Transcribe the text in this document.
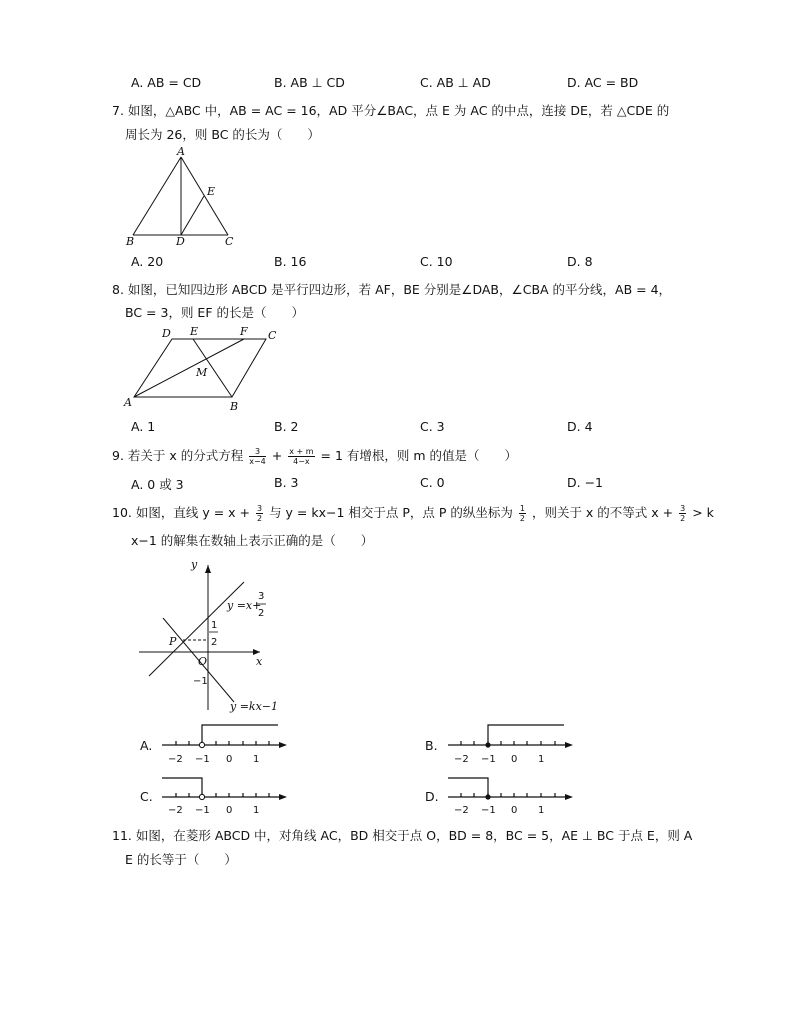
A. AB = CD	B. AB ⊥ CD	C. AB ⊥ AD	D. AC = BD
7. 如图，△ABC 中，AB = AC = 16，AD 平分∠BAC，点 E 为 AC 的中点，连接 DE，若 △CDE 的
周长为 26，则 BC 的长为（　　）
A
B	D	C
E
A. 20	B. 16	C. 10	D. 8
8. 如图，已知四边形 ABCD 是平行四边形，若 AF，BE 分别是∠DAB，∠CBA 的平分线，AB = 4，
BC = 3，则 EF 的长是（　　）
D E	F C
M
A	B
A. 1	B. 2	C. 3	D. 4
9. 若关于 x 的分式方程 $\frac{3}{x-4} + \frac{x + m}{4-x} = 1$ 有增根，则 m 的值是（　　）
A. 0 或 3	B. 3	C. 0	D. −1
10. 如图，直线 $y = x + \frac{3}{2}$ 与 y = kx−1 相交于点 P，点 P 的纵坐标为 $\frac{1}{2}$ ，则关于 x 的不等式 $x + \frac{3}{2} > k$
x−1 的解集在数轴上表示正确的是（　　）
y
x
O
P
y =x+
3
2
1
2
−1
y =kx−1
A.	B.
C.	D.
−2 −1 0 1	−2 −1 0 1
−2 −1 0 1	−2 −1 0 1
11. 如图，在菱形 ABCD 中，对角线 AC，BD 相交于点 O，BD = 8，BC = 5，AE ⊥ BC 于点 E，则 A
E 的长等于（　　）
